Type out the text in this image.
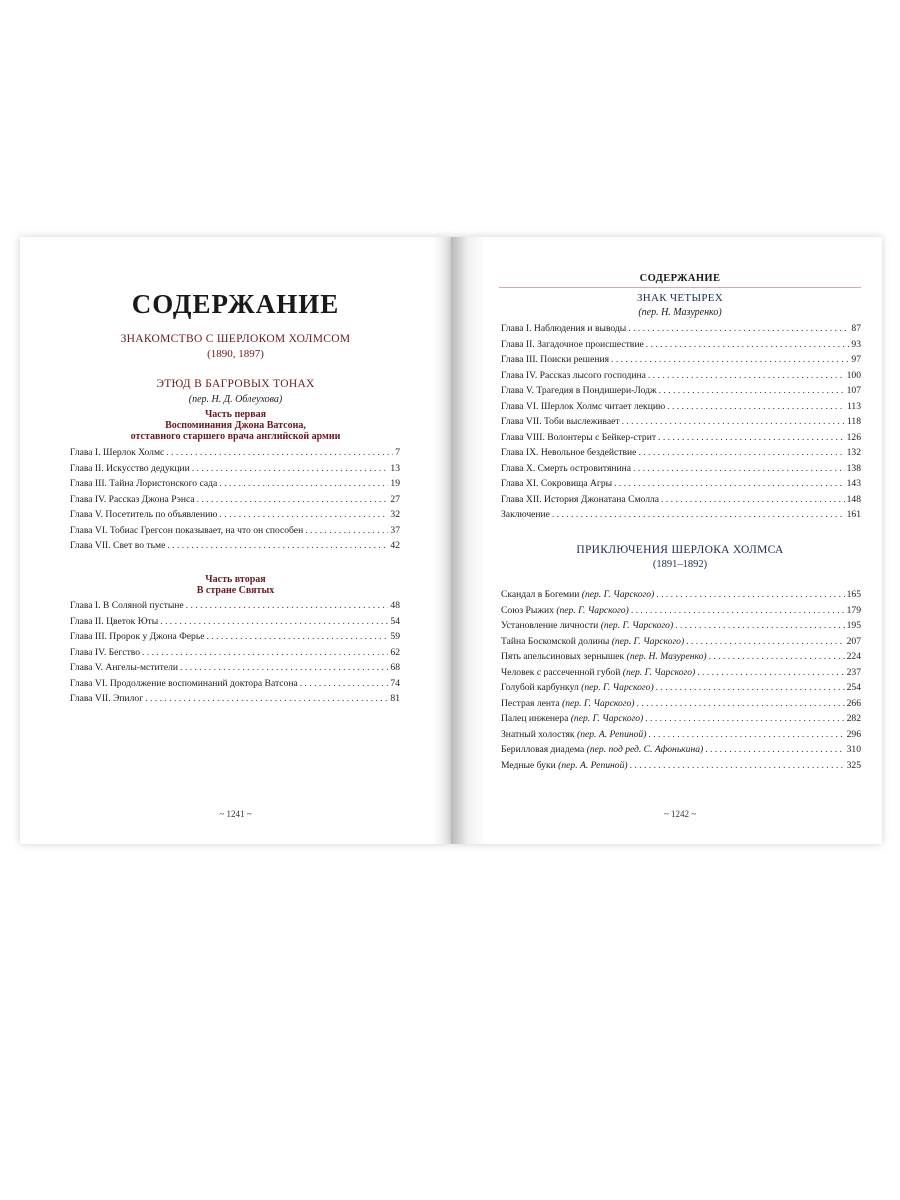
СОДЕРЖАНИЕ
ЗНАКОМСТВО С ШЕРЛОКОМ ХОЛМСОМ
(1890, 1897)
ЭТЮД В БАГРОВЫХ ТОНАХ
(пер. Н. Д. Облеухова)
Часть первая
Воспоминания Джона Ватсона,
отставного старшего врача английской армии
Глава I. Шерлок Холмс . . .	7
Глава II. Искусство дедукции . . .	13
Глава III. Тайна Лористонского сада . . .	19
Глава IV. Рассказ Джона Рэнса . . .	27
Глава V. Посетитель по объявлению . . .	32
Глава VI. Тобиас Грегсон показывает, на что он способен . . .	37
Глава VII. Свет во тьме . . .	42
Часть вторая
В стране Святых
Глава I. В Соляной пустыне . . .	48
Глава II. Цветок Юты . . .	54
Глава III. Пророк у Джона Ферье . . .	59
Глава IV. Бегство . . .	62
Глава V. Ангелы-мстители . . .	68
Глава VI. Продолжение воспоминаний доктора Ватсона . . .	74
Глава VII. Эпилог . . .	81
~ 1241 ~
СОДЕРЖАНИЕ
ЗНАК ЧЕТЫРЕХ
(пер. Н. Мазуренко)
Глава I. Наблюдения и выводы . . .	87
Глава II. Загадочное происшествие . . .	93
Глава III. Поиски решения . . .	97
Глава IV. Рассказ лысого господина . . .	100
Глава V. Трагедия в Пондишери-Лодж . . .	107
Глава VI. Шерлок Холмс читает лекцию . . .	113
Глава VII. Тоби выслеживает . . .	118
Глава VIII. Волонтеры с Бейкер-стрит . . .	126
Глава IX. Невольное бездействие . . .	132
Глава X. Смерть островитянина . . .	138
Глава XI. Сокровища Агры . . .	143
Глава XII. История Джонатана Смолла . . .	148
Заключение . . .	161
ПРИКЛЮЧЕНИЯ ШЕРЛОКА ХОЛМСА
(1891–1892)
Скандал в Богемии (пер. Г. Чарского) . . .	165
Союз Рыжих (пер. Г. Чарского) . . .	179
Установление личности (пер. Г. Чарского) . . .	195
Тайна Боскомской долины (пер. Г. Чарского) . . .	207
Пять апельсиновых зернышек (пер. Н. Мазуренко) . . .	224
Человек с рассеченной губой (пер. Г. Чарского) . . .	237
Голубой карбункул (пер. Г. Чарского) . . .	254
Пестрая лента (пер. Г. Чарского) . . .	266
Палец инженера (пер. Г. Чарского) . . .	282
Знатный холостяк (пер. А. Репиной) . . .	296
Берилловая диадема (пер. под ред. С. Афонькина) . . .	310
Медные буки (пер. А. Репиной) . . .	325
~ 1242 ~
